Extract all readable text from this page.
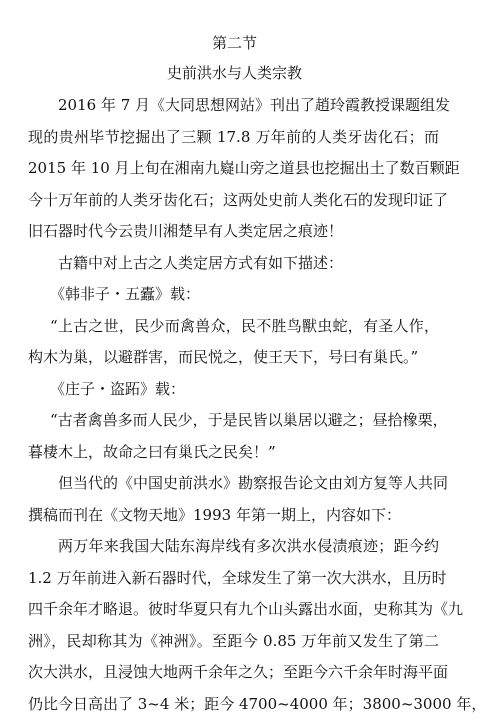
第二节
史前洪水与人类宗教
2016 年 7 月《大同思想网站》刊出了趙玲霞教授课题组发
现的贵州毕节挖掘出了三颗 17.8 万年前的人类牙齿化石；而
2015 年 10 月上旬在湘南九嶷山旁之道县也挖掘出土了数百颗距
今十万年前的人类牙齿化石；这两处史前人类化石的发现印证了
旧石器时代今云贵川湘楚早有人类定居之痕迹！
古籍中对上古之人类定居方式有如下描述：
《韩非子・五蠹》载：
“上古之世，民少而禽兽众，民不胜鸟獸虫蛇，有圣人作，
构木为巢，以避群害，而民悦之，使王天下，号曰有巢氏。”
《庄子・盗跖》载：
“古者禽兽多而人民少，于是民皆以巢居以避之；昼拾橡栗，
暮棲木上，故命之曰有巢氏之民矣！”
但当代的《中国史前洪水》勘察报告论文由刘方复等人共同
撰稿而刊在《文物天地》1993 年第一期上，内容如下：
两万年来我国大陆东海岸线有多次洪水侵渍痕迹；距今约
1.2 万年前进入新石器时代，全球发生了第一次大洪水，且历时
四千余年才略退。彼时华夏只有九个山头露出水面，史称其为《九
洲》，民却称其为《神洲》。至距今 0.85 万年前又发生了第二
次大洪水，且浸蚀大地两千余年之久；至距今六千余年时海平面
仍比今日高出了 3~4 米；距今 4700~4000 年；3800~3000 年，
